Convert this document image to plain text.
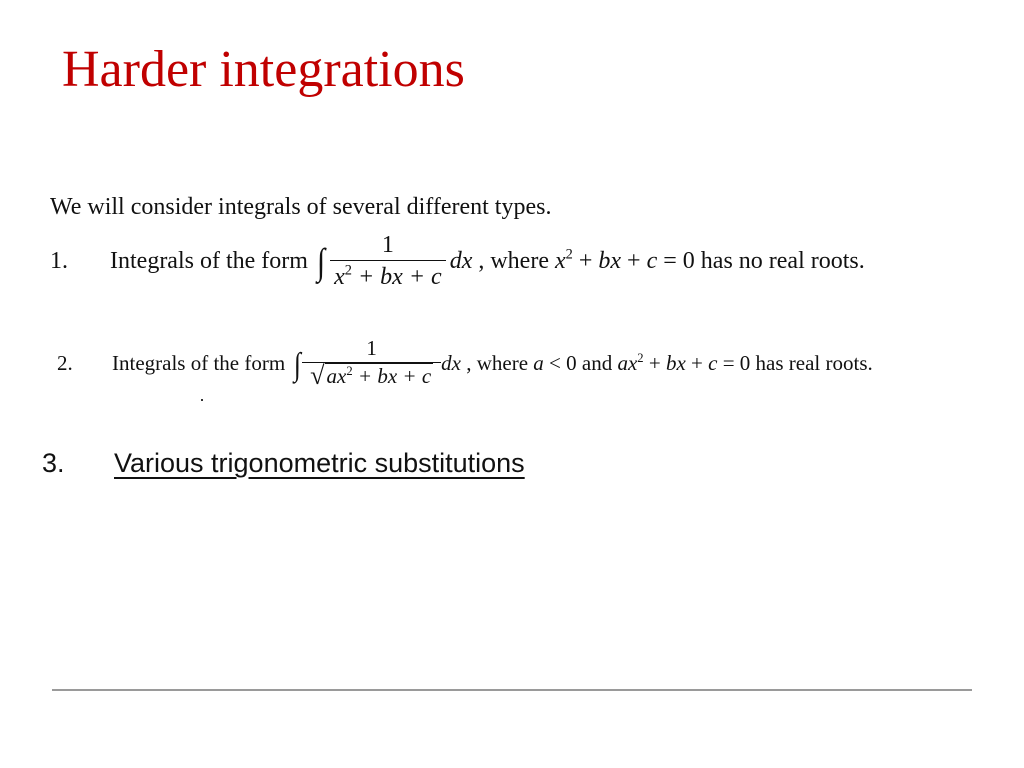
Harder integrations
We will consider integrals of several different types.
1.	Integrals of the form ∫ $\frac{1}{x^2 + bx + c}$ dx , where $x^2$ + bx + c = 0 has no real roots.
2.	Integrals of the form ∫ $\frac{1}{√ ax^2 + bx + c}$ dx , where a < 0 and $ax^2$ + bx + c = 0 has real roots.
3.	Various trigonometric substitutions
